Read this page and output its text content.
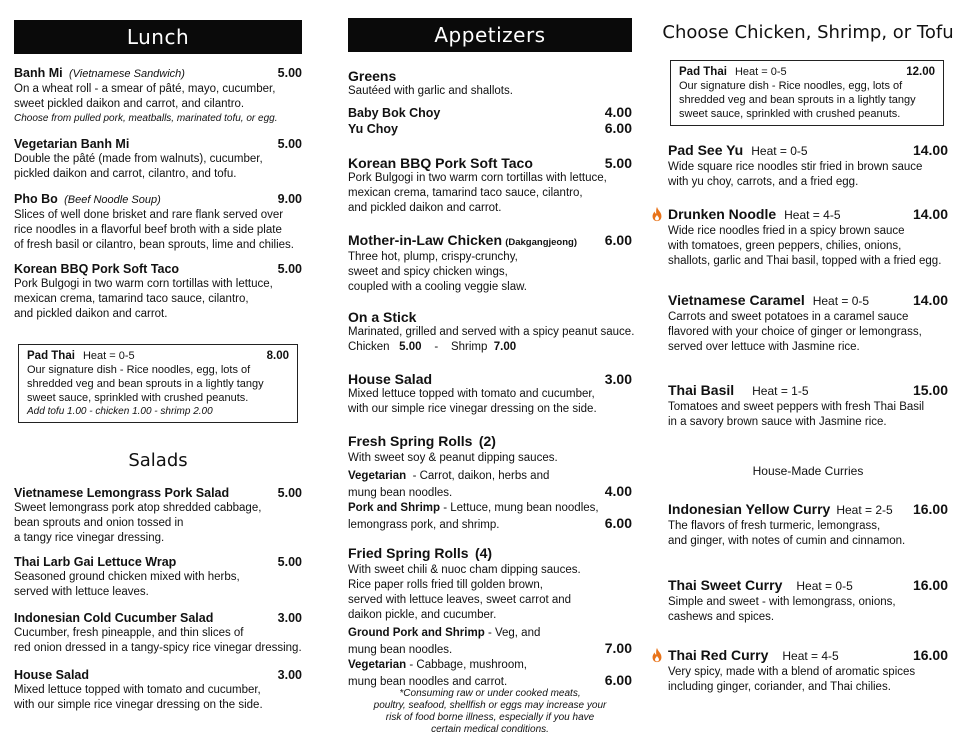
Lunch
Banh Mi (Vietnamese Sandwich)	5.00
On a wheat roll - a smear of pâté, mayo, cucumber,
sweet pickled daikon and carrot, and cilantro.
Choose from pulled pork, meatballs, marinated tofu, or egg.
Vegetarian Banh Mi	5.00
Double the pâté (made from walnuts), cucumber,
pickled daikon and carrot, cilantro, and tofu.
Pho Bo (Beef Noodle Soup)	9.00
Slices of well done brisket and rare flank served over
rice noodles in a flavorful beef broth with a side plate
of fresh basil or cilantro, bean sprouts, lime and chilies.
Korean BBQ Pork Soft Taco	5.00
Pork Bulgogi in two warm corn tortillas with lettuce,
mexican crema, tamarind taco sauce, cilantro,
and pickled daikon and carrot.
Pad Thai Heat = 0-5	8.00
Our signature dish - Rice noodles, egg, lots of
shredded veg and bean sprouts in a lightly tangy
sweet sauce, sprinkled with crushed peanuts.
Add tofu 1.00 - chicken 1.00 - shrimp 2.00
Salads
Vietnamese Lemongrass Pork Salad	5.00
Sweet lemongrass pork atop shredded cabbage,
bean sprouts and onion tossed in
a tangy rice vinegar dressing.
Thai Larb Gai Lettuce Wrap	5.00
Seasoned ground chicken mixed with herbs,
served with lettuce leaves.
Indonesian Cold Cucumber Salad	3.00
Cucumber, fresh pineapple, and thin slices of
red onion dressed in a tangy-spicy rice vinegar dressing.
House Salad	3.00
Mixed lettuce topped with tomato and cucumber,
with our simple rice vinegar dressing on the side.
Appetizers
Greens
Sautéed with garlic and shallots.
Baby Bok Choy	4.00
Yu Choy	6.00
Korean BBQ Pork Soft Taco	5.00
Pork Bulgogi in two warm corn tortillas with lettuce,
mexican crema, tamarind taco sauce, cilantro,
and pickled daikon and carrot.
Mother-in-Law Chicken (Dakgangjeong) 6.00
Three hot, plump, crispy-crunchy,
sweet and spicy chicken wings,
coupled with a cooling veggie slaw.
On a Stick
Marinated, grilled and served with a spicy peanut sauce.
Chicken 5.00 - Shrimp 7.00
House Salad	3.00
Mixed lettuce topped with tomato and cucumber,
with our simple rice vinegar dressing on the side.
Fresh Spring Rolls (2)
With sweet soy & peanut dipping sauces.
Vegetarian - Carrot, daikon, herbs and
mung bean noodles.	4.00
Pork and Shrimp - Lettuce, mung bean noodles,
lemongrass pork, and shrimp.	6.00
Fried Spring Rolls (4)
With sweet chili & nuoc cham dipping sauces.
Rice paper rolls fried till golden brown,
served with lettuce leaves, sweet carrot and
daikon pickle, and cucumber.
Ground Pork and Shrimp - Veg, and
mung bean noodles.	7.00
Vegetarian - Cabbage, mushroom,
mung bean noodles and carrot.	6.00
*Consuming raw or under cooked meats,
poultry, seafood, shellfish or eggs may increase your
risk of food borne illness, especially if you have
certain medical conditions.
Choose Chicken, Shrimp, or Tofu
Pad Thai Heat = 0-5	12.00
Our signature dish - Rice noodles, egg, lots of
shredded veg and bean sprouts in a lightly tangy
sweet sauce, sprinkled with crushed peanuts.
Pad See Yu Heat = 0-5	14.00
Wide square rice noodles stir fried in brown sauce
with yu choy, carrots, and a fried egg.
Drunken Noodle Heat = 4-5	14.00
Wide rice noodles fried in a spicy brown sauce
with tomatoes, green peppers, chilies, onions,
shallots, garlic and Thai basil, topped with a fried egg.
Vietnamese Caramel Heat = 0-5	14.00
Carrots and sweet potatoes in a caramel sauce
flavored with your choice of ginger or lemongrass,
served over lettuce with Jasmine rice.
Thai Basil Heat = 1-5	15.00
Tomatoes and sweet peppers with fresh Thai Basil
in a savory brown sauce with Jasmine rice.
House-Made Curries
Indonesian Yellow Curry Heat = 2-5 16.00
The flavors of fresh turmeric, lemongrass,
and ginger, with notes of cumin and cinnamon.
Thai Sweet Curry Heat = 0-5	16.00
Simple and sweet - with lemongrass, onions,
cashews and spices.
Thai Red Curry Heat = 4-5	16.00
Very spicy, made with a blend of aromatic spices
including ginger, coriander, and Thai chilies.
